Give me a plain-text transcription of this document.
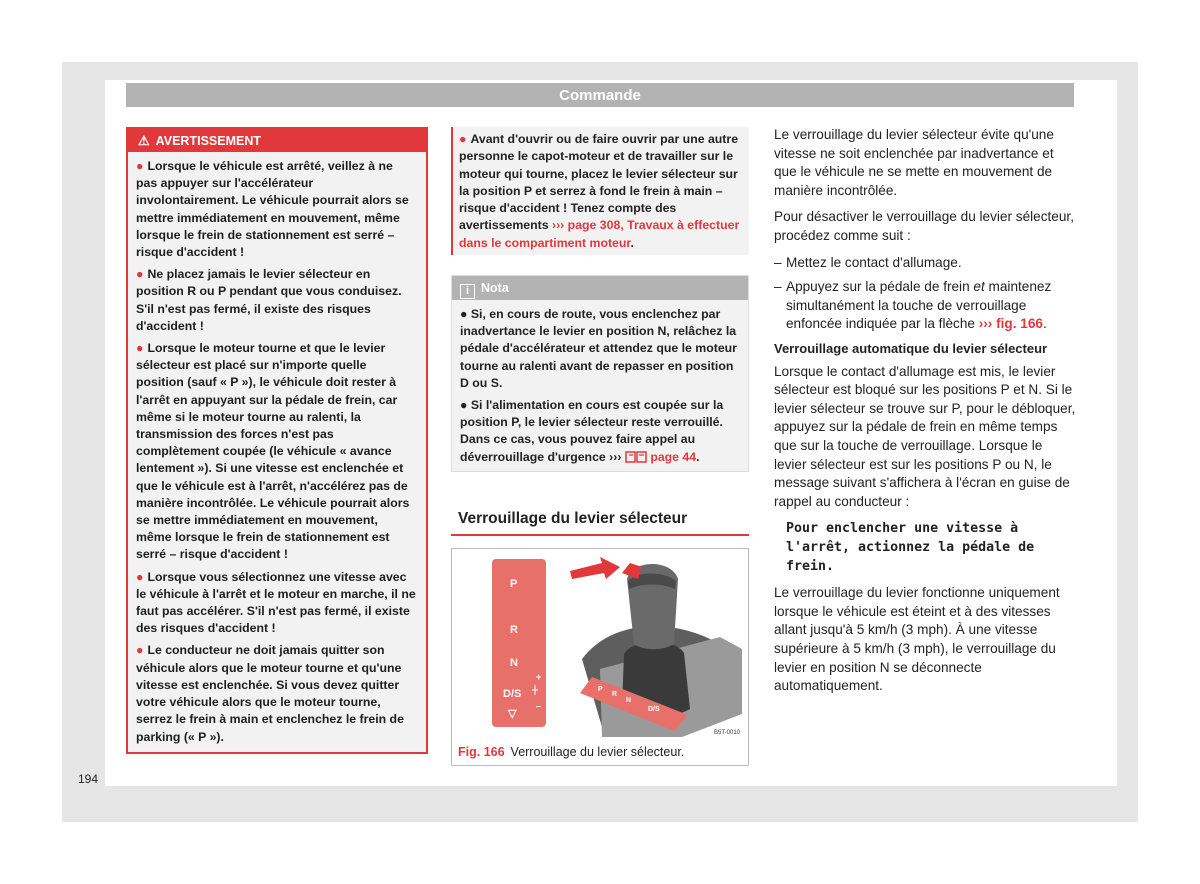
Commande
⚠ AVERTISSEMENT
● Lorsque le véhicule est arrêté, veillez à ne pas appuyer sur l'accélérateur involontairement. Le véhicule pourrait alors se mettre immédiatement en mouvement, même lorsque le frein de stationnement est serré – risque d'accident !
● Ne placez jamais le levier sélecteur en position R ou P pendant que vous conduisez. S'il n'est pas fermé, il existe des risques d'accident !
● Lorsque le moteur tourne et que le levier sélecteur est placé sur n'importe quelle position (sauf « P »), le véhicule doit rester à l'arrêt en appuyant sur la pédale de frein, car même si le moteur tourne au ralenti, la transmission des forces n'est pas complètement coupée (le véhicule « avance lentement »). Si une vitesse est enclenchée et que le véhicule est à l'arrêt, n'accélérez pas de manière incontrôlée. Le véhicule pourrait alors se mettre immédiatement en mouvement, même lorsque le frein de stationnement est serré – risque d'accident !
● Lorsque vous sélectionnez une vitesse avec le véhicule à l'arrêt et le moteur en marche, il ne faut pas accélérer. S'il n'est pas fermé, il existe des risques d'accident !
● Le conducteur ne doit jamais quitter son véhicule alors que le moteur tourne et qu'une vitesse est enclenchée. Si vous devez quitter votre véhicule alors que le moteur tourne, serrez le frein à main et enclenchez le frein de parking (« P »).
● Avant d'ouvrir ou de faire ouvrir par une autre personne le capot-moteur et de travailler sur le moteur qui tourne, placez le levier sélecteur sur la position P et serrez à fond le frein à main – risque d'accident ! Tenez compte des avertissements ››› page 308, Travaux à effectuer dans le compartiment moteur.
i Nota
● Si, en cours de route, vous enclenchez par inadvertance le levier en position N, relâchez la pédale d'accélérateur et attendez que le moteur tourne au ralenti avant de repasser en position D ou S.
● Si l'alimentation en cours est coupée sur la position P, le levier sélecteur reste verrouillé. Dans ce cas, vous pouvez faire appel au déverrouillage d'urgence ››› page 44.
Verrouillage du levier sélecteur
P
R
N
D/S
▽
+
–
P
R
N
D/S
B5T-0010
Fig. 166 Verrouillage du levier sélecteur.

Le verrouillage du levier sélecteur évite qu'une vitesse ne soit enclenchée par inadvertance et que le véhicule ne se mette en mouvement de manière incontrôlée.

Pour désactiver le verrouillage du levier sélecteur, procédez comme suit :

– Mettez le contact d'allumage.
– Appuyez sur la pédale de frein et maintenez simultanément la touche de verrouillage enfoncée indiquée par la flèche ››› fig. 166.
Verrouillage automatique du levier sélecteur

Lorsque le contact d'allumage est mis, le levier sélecteur est bloqué sur les positions P et N. Si le levier sélecteur se trouve sur P, pour le débloquer, appuyez sur la pédale de frein en même temps que sur la touche de verrouillage. Lorsque le levier sélecteur est sur les positions P ou N, le message suivant s'affichera à l'écran en guise de rappel au conducteur :

Pour enclencher une vitesse à l'arrêt, actionnez la pédale de frein.

Le verrouillage du levier fonctionne uniquement lorsque le véhicule est éteint et à des vitesses allant jusqu'à 5 km/h (3 mph). À une vitesse supérieure à 5 km/h (3 mph), le verrouillage du levier en position N se déconnecte automatiquement.

194
